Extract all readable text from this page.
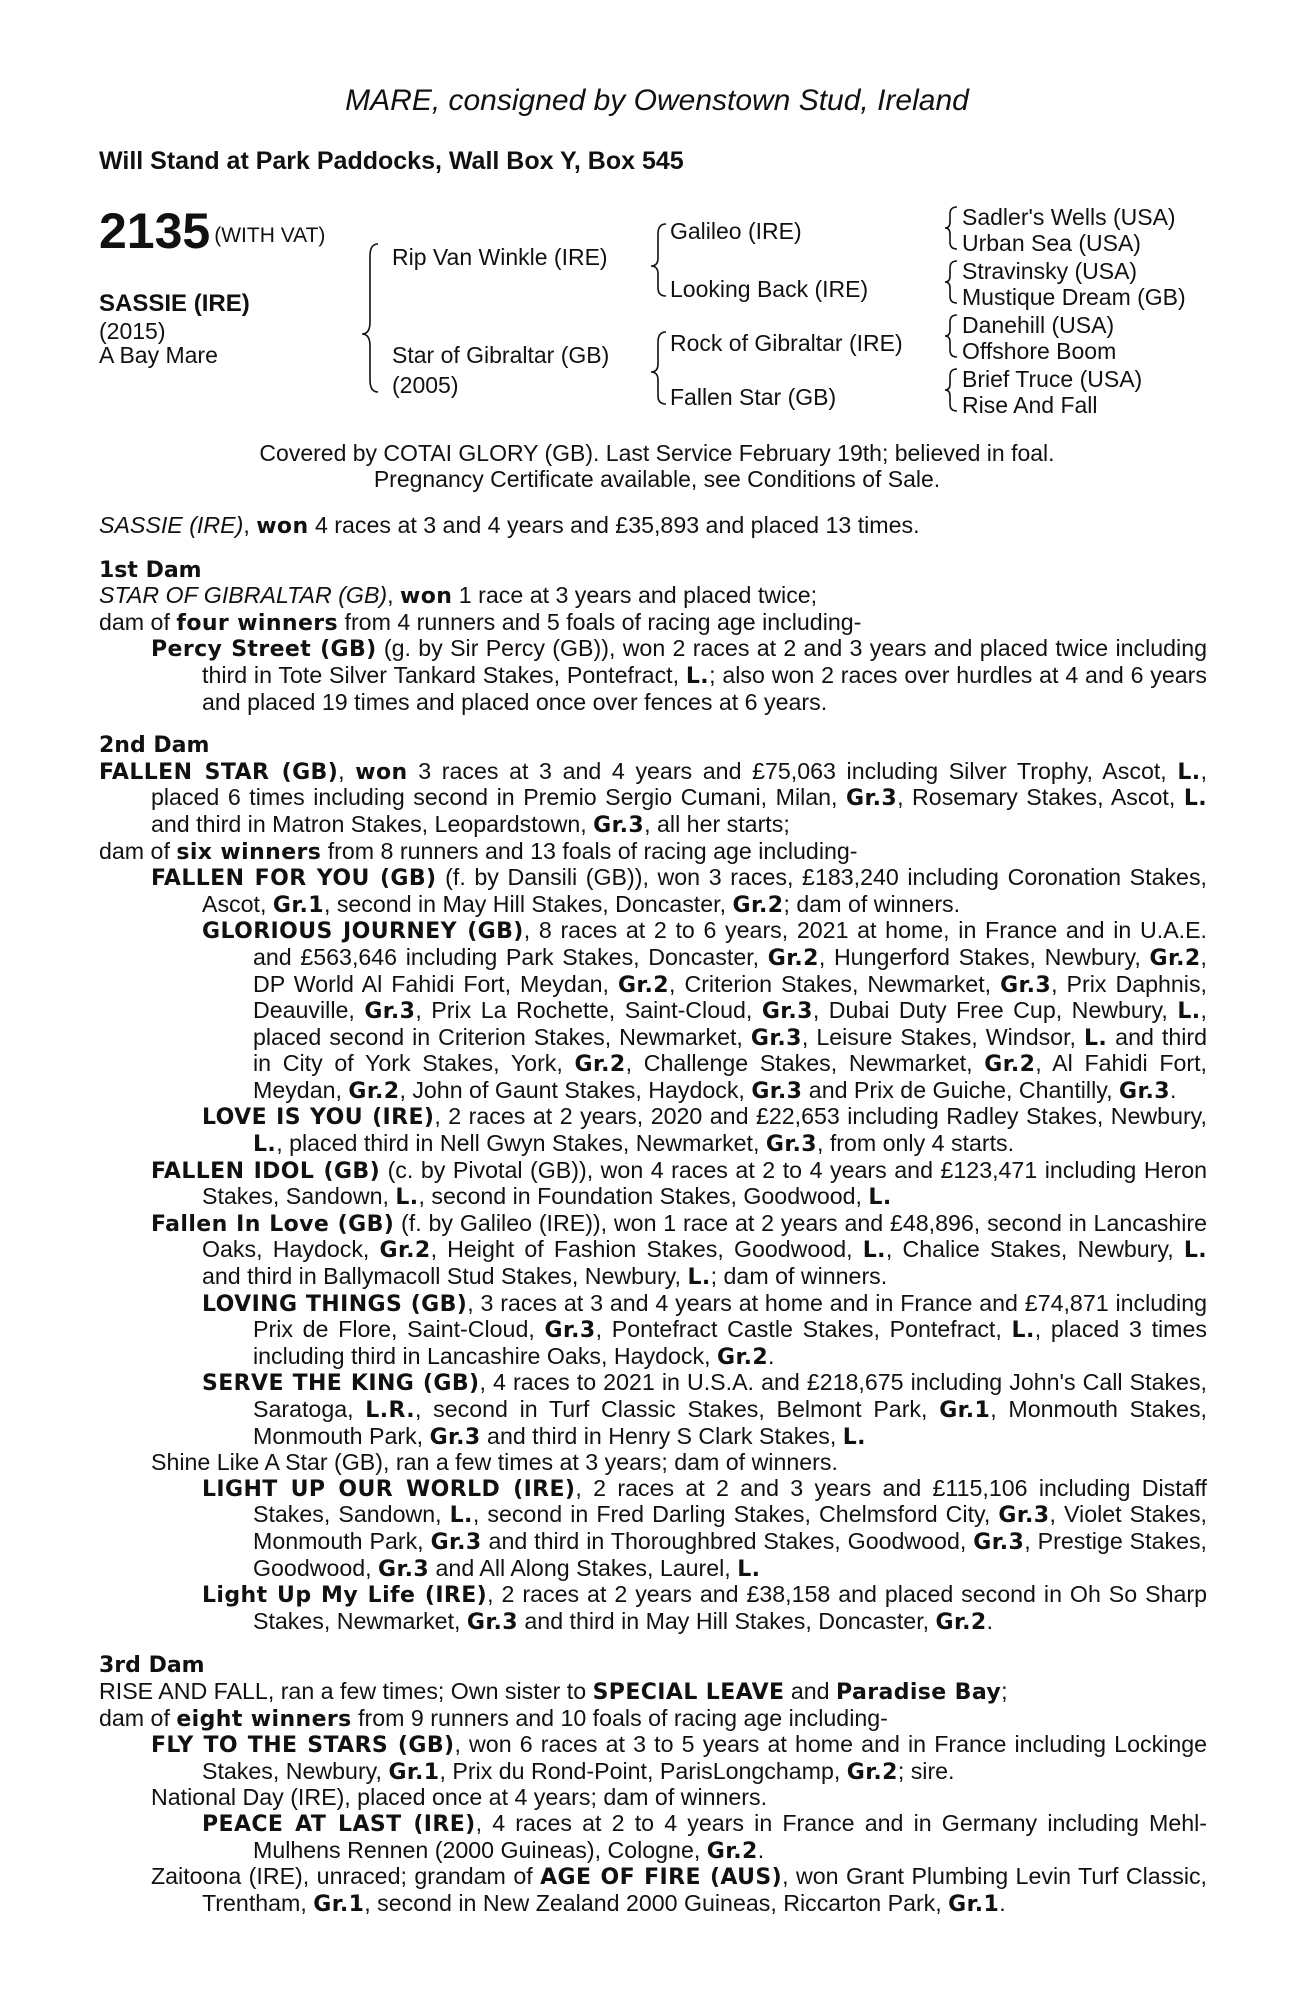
MARE, consigned by Owenstown Stud, Ireland
Will Stand at Park Paddocks, Wall Box Y, Box 545
2135 (WITH VAT)
SASSIE (IRE)
(2015)
A Bay Mare
Rip Van Winkle (IRE)
Star of Gibraltar (GB)
(2005)
Galileo (IRE)
Looking Back (IRE)
Rock of Gibraltar (IRE)
Fallen Star (GB)
Sadler's Wells (USA)
Urban Sea (USA)
Stravinsky (USA)
Mustique Dream (GB)
Danehill (USA)
Offshore Boom
Brief Truce (USA)
Rise And Fall
Covered by COTAI GLORY (GB). Last Service February 19th; believed in foal.
Pregnancy Certificate available, see Conditions of Sale.

SASSIE (IRE), won 4 races at 3 and 4 years and £35,893 and placed 13 times.

1st Dam

STAR OF GIBRALTAR (GB), won 1 race at 3 years and placed twice;

dam of four winners from 4 runners and 5 foals of racing age including-

Percy Street (GB) (g. by Sir Percy (GB)), won 2 races at 2 and 3 years and placed twice including third in Tote Silver Tankard Stakes, Pontefract, L.; also won 2 races over hurdles at 4 and 6 years and placed 19 times and placed once over fences at 6 years.

2nd Dam

FALLEN STAR (GB), won 3 races at 3 and 4 years and £75,063 including Silver Trophy, Ascot, L., placed 6 times including second in Premio Sergio Cumani, Milan, Gr.3, Rosemary Stakes, Ascot, L. and third in Matron Stakes, Leopardstown, Gr.3, all her starts;

dam of six winners from 8 runners and 13 foals of racing age including-

FALLEN FOR YOU (GB) (f. by Dansili (GB)), won 3 races, £183,240 including Coronation Stakes, Ascot, Gr.1, second in May Hill Stakes, Doncaster, Gr.2; dam of winners.

GLORIOUS JOURNEY (GB), 8 races at 2 to 6 years, 2021 at home, in France and in U.A.E. and £563,646 including Park Stakes, Doncaster, Gr.2, Hungerford Stakes, Newbury, Gr.2, DP World Al Fahidi Fort, Meydan, Gr.2, Criterion Stakes, Newmarket, Gr.3, Prix Daphnis, Deauville, Gr.3, Prix La Rochette, Saint-Cloud, Gr.3, Dubai Duty Free Cup, Newbury, L., placed second in Criterion Stakes, Newmarket, Gr.3, Leisure Stakes, Windsor, L. and third in City of York Stakes, York, Gr.2, Challenge Stakes, Newmarket, Gr.2, Al Fahidi Fort, Meydan, Gr.2, John of Gaunt Stakes, Haydock, Gr.3 and Prix de Guiche, Chantilly, Gr.3.

LOVE IS YOU (IRE), 2 races at 2 years, 2020 and £22,653 including Radley Stakes, Newbury, L., placed third in Nell Gwyn Stakes, Newmarket, Gr.3, from only 4 starts.

FALLEN IDOL (GB) (c. by Pivotal (GB)), won 4 races at 2 to 4 years and £123,471 including Heron Stakes, Sandown, L., second in Foundation Stakes, Goodwood, L.

Fallen In Love (GB) (f. by Galileo (IRE)), won 1 race at 2 years and £48,896, second in Lancashire Oaks, Haydock, Gr.2, Height of Fashion Stakes, Goodwood, L., Chalice Stakes, Newbury, L. and third in Ballymacoll Stud Stakes, Newbury, L.; dam of winners.

LOVING THINGS (GB), 3 races at 3 and 4 years at home and in France and £74,871 including Prix de Flore, Saint-Cloud, Gr.3, Pontefract Castle Stakes, Pontefract, L., placed 3 times including third in Lancashire Oaks, Haydock, Gr.2.

SERVE THE KING (GB), 4 races to 2021 in U.S.A. and £218,675 including John's Call Stakes, Saratoga, L.R., second in Turf Classic Stakes, Belmont Park, Gr.1, Monmouth Stakes, Monmouth Park, Gr.3 and third in Henry S Clark Stakes, L.

Shine Like A Star (GB), ran a few times at 3 years; dam of winners.

LIGHT UP OUR WORLD (IRE), 2 races at 2 and 3 years and £115,106 including Distaff Stakes, Sandown, L., second in Fred Darling Stakes, Chelmsford City, Gr.3, Violet Stakes, Monmouth Park, Gr.3 and third in Thoroughbred Stakes, Goodwood, Gr.3, Prestige Stakes, Goodwood, Gr.3 and All Along Stakes, Laurel, L.

Light Up My Life (IRE), 2 races at 2 years and £38,158 and placed second in Oh So Sharp Stakes, Newmarket, Gr.3 and third in May Hill Stakes, Doncaster, Gr.2.

3rd Dam

RISE AND FALL, ran a few times; Own sister to SPECIAL LEAVE and Paradise Bay;

dam of eight winners from 9 runners and 10 foals of racing age including-

FLY TO THE STARS (GB), won 6 races at 3 to 5 years at home and in France including Lockinge Stakes, Newbury, Gr.1, Prix du Rond-Point, ParisLongchamp, Gr.2; sire.

National Day (IRE), placed once at 4 years; dam of winners.

PEACE AT LAST (IRE), 4 races at 2 to 4 years in France and in Germany including Mehl-Mulhens Rennen (2000 Guineas), Cologne, Gr.2.

Zaitoona (IRE), unraced; grandam of AGE OF FIRE (AUS), won Grant Plumbing Levin Turf Classic, Trentham, Gr.1, second in New Zealand 2000 Guineas, Riccarton Park, Gr.1.
